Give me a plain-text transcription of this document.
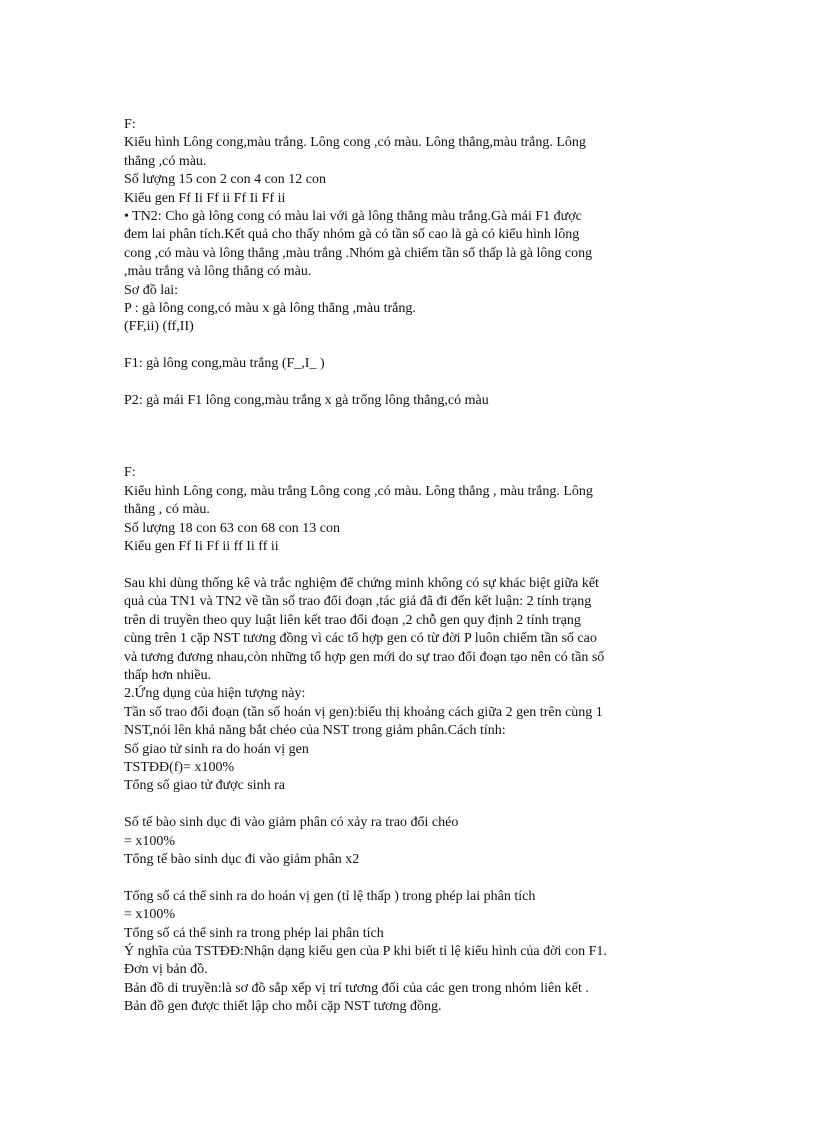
F:
Kiểu hình Lông cong,màu trắng. Lông cong ,có màu. Lông thẳng,màu trắng. Lông
thẳng ,có màu.
Số lượng 15 con 2 con 4 con 12 con
Kiểu gen Ff Ii Ff ii Ff Ii Ff ii
• TN2: Cho gà lông cong có màu lai với gà lông thẳng màu trắng.Gà mái F1 được
đem lai phân tích.Kết quả cho thấy nhóm gà có tần số cao là gà có kiểu hình lông
cong ,có màu và lông thẳng ,màu trắng .Nhóm gà chiếm tần số thấp là gà lông cong
,màu trắng và lông thẳng có màu.
Sơ đồ lai:
P : gà lông cong,có màu x gà lông thẳng ,màu trắng.
(FF,ii) (ff,II)
F1: gà lông cong,màu trắng (F_,I_ )
P2: gà mái F1 lông cong,màu trắng x gà trống lông thẳng,có màu
F:
Kiểu hình Lông cong, màu trắng Lông cong ,có màu. Lông thẳng , màu trắng. Lông
thẳng , có màu.
Số lượng 18 con 63 con 68 con 13 con
Kiểu gen Ff Ii Ff ii ff Ii ff ii
Sau khi dùng thống kê và trắc nghiệm để chứng minh không có sự khác biệt giữa kết
quả của TN1 và TN2 về tần số trao đổi đoạn ,tác giả đã đi đến kết luận: 2 tính trạng
trên di truyền theo quy luật liên kết trao đổi đoạn ,2 chỗ gen quy định 2 tính trạng
cùng trên 1 cặp NST tương đồng vì các tổ hợp gen có từ đời P luôn chiếm tần số cao
và tương đương nhau,còn những tổ hợp gen mới do sự trao đổi đoạn tạo nên có tần số
thấp hơn nhiều.
2.Ứng dụng của hiện tượng này:
Tần số trao đổi đoạn (tần số hoán vị gen):biểu thị khoảng cách giữa 2 gen trên cùng 1
NST,nói lên khả năng bắt chéo của NST trong giảm phân.Cách tính:
Số giao tử sinh ra do hoán vị gen
TSTĐĐ(f)= x100%
Tổng số giao tử được sinh ra
Số tế bào sinh dục đi vào giảm phân có xảy ra trao đổi chéo
= x100%
Tổng tế bào sinh dục đi vào giảm phân x2
Tổng số cá thể sinh ra do hoán vị gen (tỉ lệ thấp ) trong phép lai phân tích
= x100%
Tổng số cá thể sinh ra trong phép lai phân tích
Ý nghĩa của TSTĐĐ:Nhận dạng kiểu gen của P khi biết tỉ lệ kiểu hình của đời con F1.
Đơn vị bản đồ.
Bản đồ di truyền:là sơ đồ sắp xếp vị trí tương đối của các gen trong nhóm liên kết .
Bản đồ gen được thiết lập cho mỗi cặp NST tương đồng.
